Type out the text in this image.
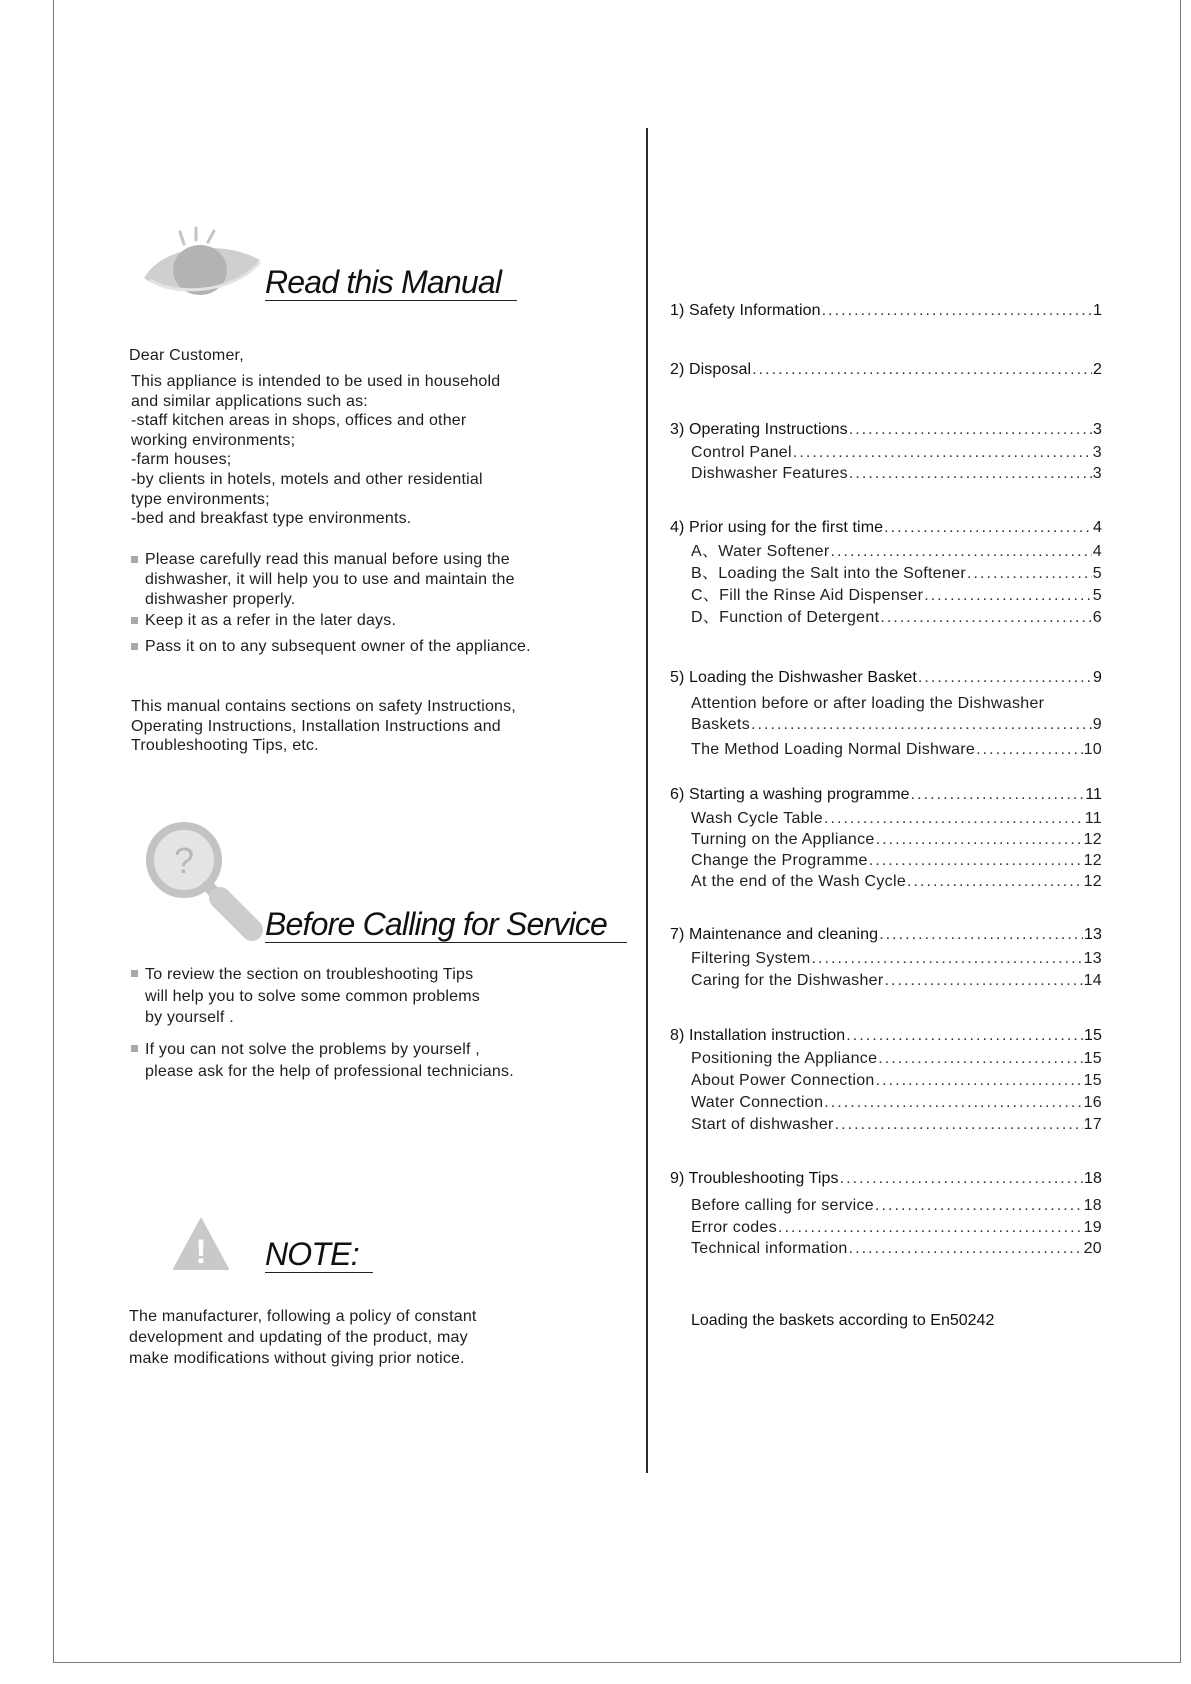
Read this Manual
Dear Customer,
This appliance is intended to be used in household
and similar applications such as:
-staff kitchen areas in shops, offices and other
working environments;
-farm houses;
-by clients in hotels, motels and other residential
type environments;
-bed and breakfast type environments.
Please carefully read this manual before using the
dishwasher, it will help you to use and maintain the
dishwasher properly.
Keep it as a refer in the later days.
Pass it on to any subsequent owner of the appliance.
This manual contains sections on safety Instructions,
Operating Instructions, Installation Instructions and
Troubleshooting Tips, etc.
?
Before Calling for Service
To review the section on troubleshooting Tips
will help you to solve some common problems
by yourself .
If you can not solve the problems by yourself ,
please ask for the help of professional technicians.
! NOTE:
The manufacturer, following a policy of constant
development and updating of the product, may
make modifications without giving prior notice.
1) Safety Information . . .	1
2) Disposal . . .	2
3) Operating Instructions . . .	3
Control Panel . . .	3
Dishwasher Features . . .	3
4) Prior using for the first time . . .	4
A、Water Softener . . .	4
B、Loading the Salt into the Softener . . .	5
C、Fill the Rinse Aid Dispenser . . .	5
D、Function of Detergent . . .	6
5) Loading the Dishwasher Basket . . .	9
Attention before or after loading the Dishwasher
Baskets . . .	9
The Method Loading Normal Dishware . . .	10
6) Starting a washing programme . . .	11
Wash Cycle Table . . .	11
Turning on the Appliance . . .	12
Change the Programme . . .	12
At the end of the Wash Cycle . . .	12
7) Maintenance and cleaning . . .	13
Filtering System . . .	13
Caring for the Dishwasher . . .	14
8) Installation instruction . . .	15
Positioning the Appliance . . .	15
About Power Connection . . .	15
Water Connection . . .	16
Start of dishwasher . . .	17
9) Troubleshooting Tips . . .	18
Before calling for service . . .	18
Error codes . . .	19
Technical information . . .	20
Loading the baskets according to En50242
